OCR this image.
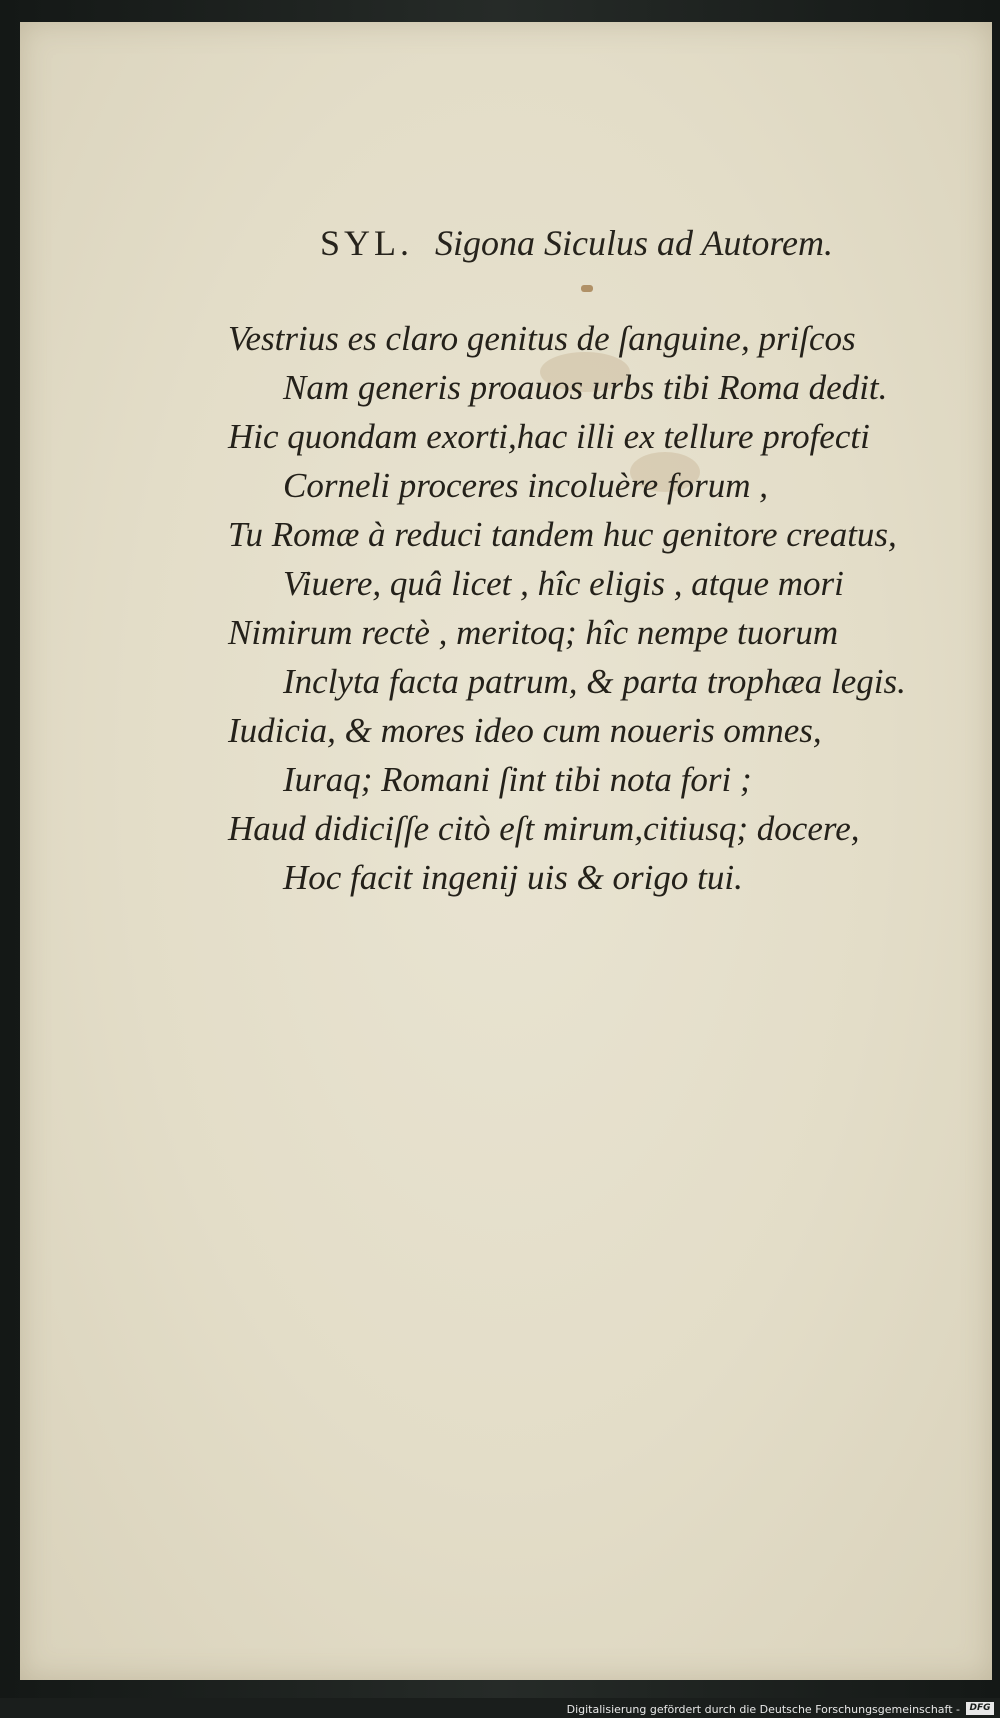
SYL. Sigona Siculus ad Autorem.
Vestrius es claro genitus de ſanguine, priſcos
Nam generis proauos urbs tibi Roma dedit.
Hic quondam exorti,hac illi ex tellure profecti
Corneli proceres incoluère forum ,
Tu Romæ à reduci tandem huc genitore creatus,
Viuere, quâ licet , hîc eligis , atque mori
Nimirum rectè , meritoq; hîc nempe tuorum
Inclyta facta patrum, & parta trophæa legis.
Iudicia, & mores ideo cum noueris omnes,
Iuraq; Romani ſint tibi nota fori ;
Haud didiciſſe citò eſt mirum,citiusq; docere,
Hoc facit ingenij uis & origo tui.
Digitalisierung gefördert durch die Deutsche Forschungsgemeinschaft -	DFG
